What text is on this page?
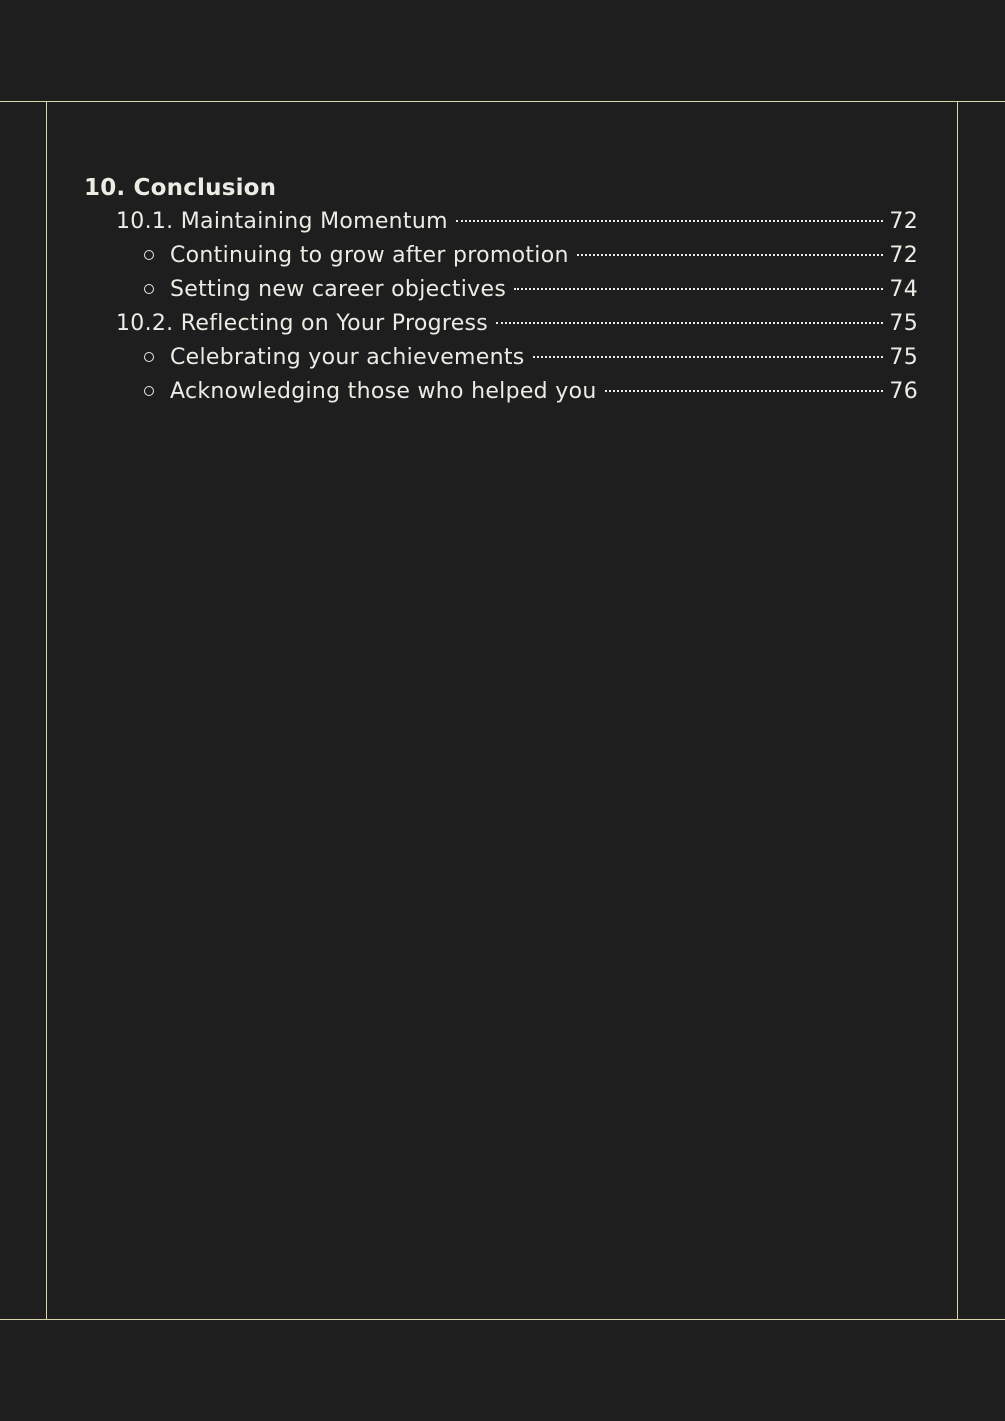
10. Conclusion
10.1. Maintaining Momentum	72
Continuing to grow after promotion	72
Setting new career objectives	74
10.2. Reflecting on Your Progress	75
Celebrating your achievements	75
Acknowledging those who helped you	76
